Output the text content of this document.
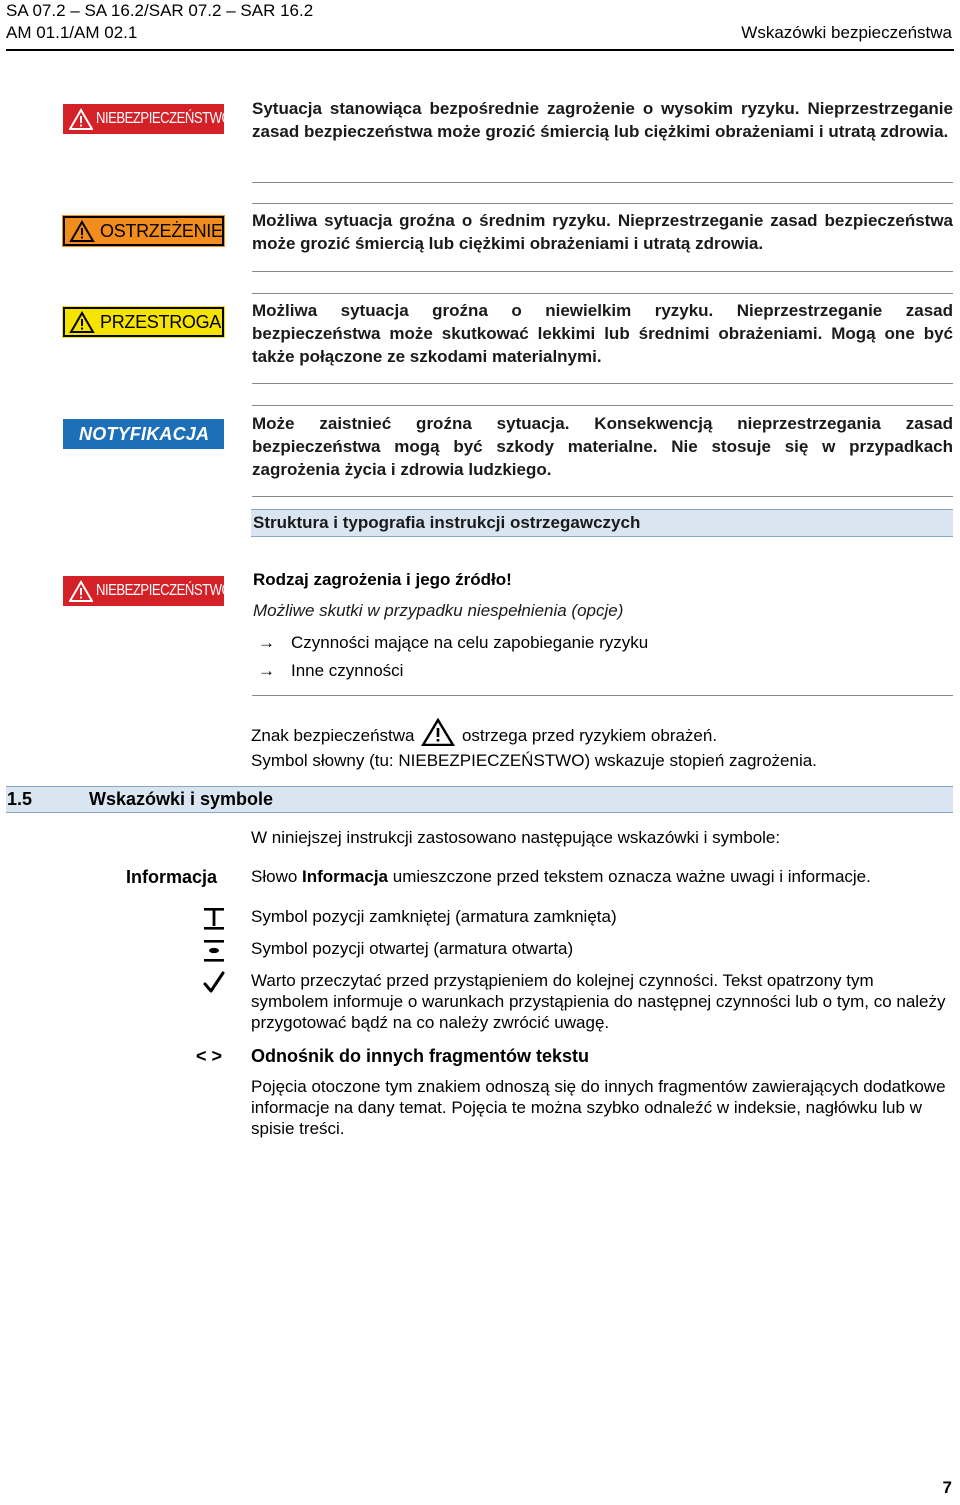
SA 07.2 – SA 16.2/SAR 07.2 – SAR 16.2
AM 01.1/AM 02.1	Wskazówki bezpieczeństwa
NIEBEZPIECZEŃSTWO
Sytuacja stanowiąca bezpośrednie zagrożenie o wysokim ryzyku. Nieprzestrzeganie zasad bezpieczeństwa może grozić śmiercią lub ciężkimi obrażeniami i utratą zdrowia.
OSTRZEŻENIE Możliwa sytuacja groźna o średnim ryzyku. Nieprzestrzeganie zasad bezpieczeństwa może grozić śmiercią lub ciężkimi obrażeniami i utratą zdrowia.
PRZESTROGA
Możliwa sytuacja groźna o niewielkim ryzyku. Nieprzestrzeganie zasad bezpieczeństwa może skutkować lekkimi lub średnimi obrażeniami. Mogą one być także połączone ze szkodami materialnymi.
NOTYFIKACJA	Może zaistnieć groźna sytuacja. Konsekwencją nieprzestrzegania zasad bezpieczeństwa mogą być szkody materialne. Nie stosuje się w przypadkach zagrożenia życia i zdrowia ludzkiego.
Struktura i typografia instrukcji ostrzegawczych
NIEBEZPIECZEŃSTWO
Rodzaj zagrożenia i jego źródło!
Możliwe skutki w przypadku niespełnienia (opcje)
→ Czynności mające na celu zapobieganie ryzyku
→ Inne czynności
Znak bezpieczeństwa	ostrzega przed ryzykiem obrażeń.
Symbol słowny (tu: NIEBEZPIECZEŃSTWO) wskazuje stopień zagrożenia.
1.5	Wskazówki i symbole
W niniejszej instrukcji zastosowano następujące wskazówki i symbole:
Informacja Słowo Informacja umieszczone przed tekstem oznacza ważne uwagi i informacje.
Symbol pozycji zamkniętej (armatura zamknięta)
Symbol pozycji otwartej (armatura otwarta)
Warto przeczytać przed przystąpieniem do kolejnej czynności. Tekst opatrzony tym symbolem informuje o warunkach przystąpienia do następnej czynności lub o tym, co należy przygotować bądź na co należy zwrócić uwagę.
< > Odnośnik do innych fragmentów tekstu
Pojęcia otoczone tym znakiem odnoszą się do innych fragmentów zawierających dodatkowe informacje na dany temat. Pojęcia te można szybko odnaleźć w indeksie, nagłówku lub w spisie treści.
7
